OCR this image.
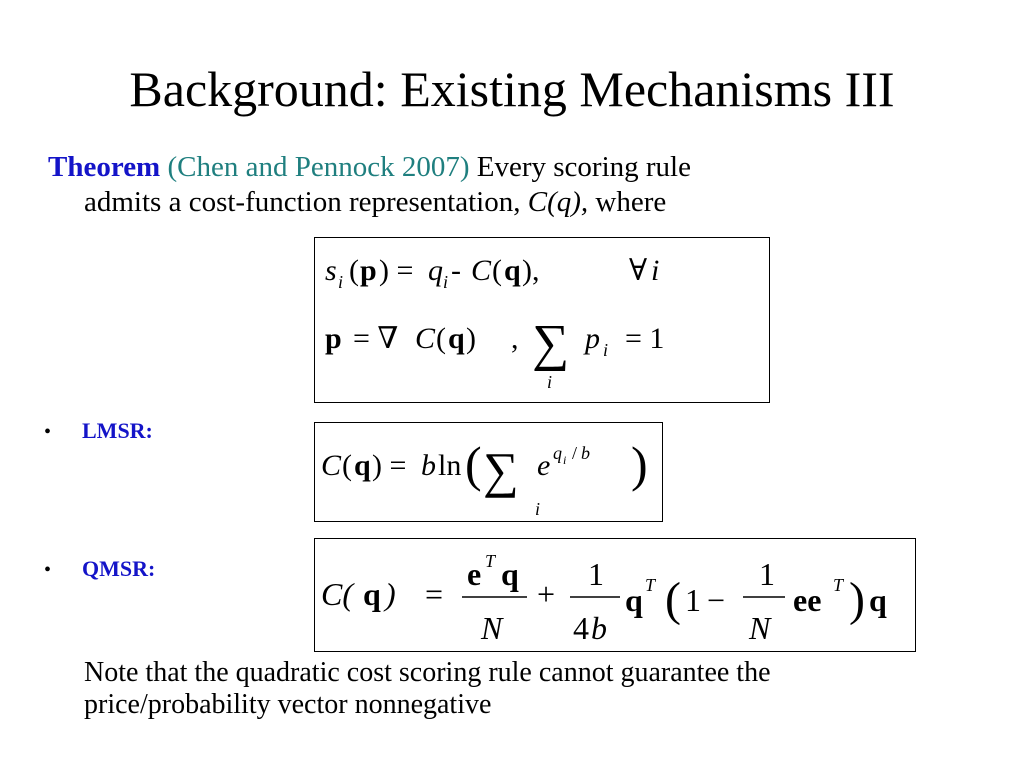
Background: Existing Mechanisms III
Theorem (Chen and Pennock 2007) Every scoring rule
admits a cost-function representation, C(q), where
s i ( p ) = q i - C ( q ),	∀ i
p = ∇ C ( q ) , ∑
i
p i = 1
• LMSR:
C ( q ) = b ln ( ∑
i
e q i / b )
• QMSR:
C( q ) =
e T q
N
+
1
4 b
q T ( 1 −
1
N
ee T ) q
Note that the quadratic cost scoring rule cannot guarantee the price/probability vector nonnegative
